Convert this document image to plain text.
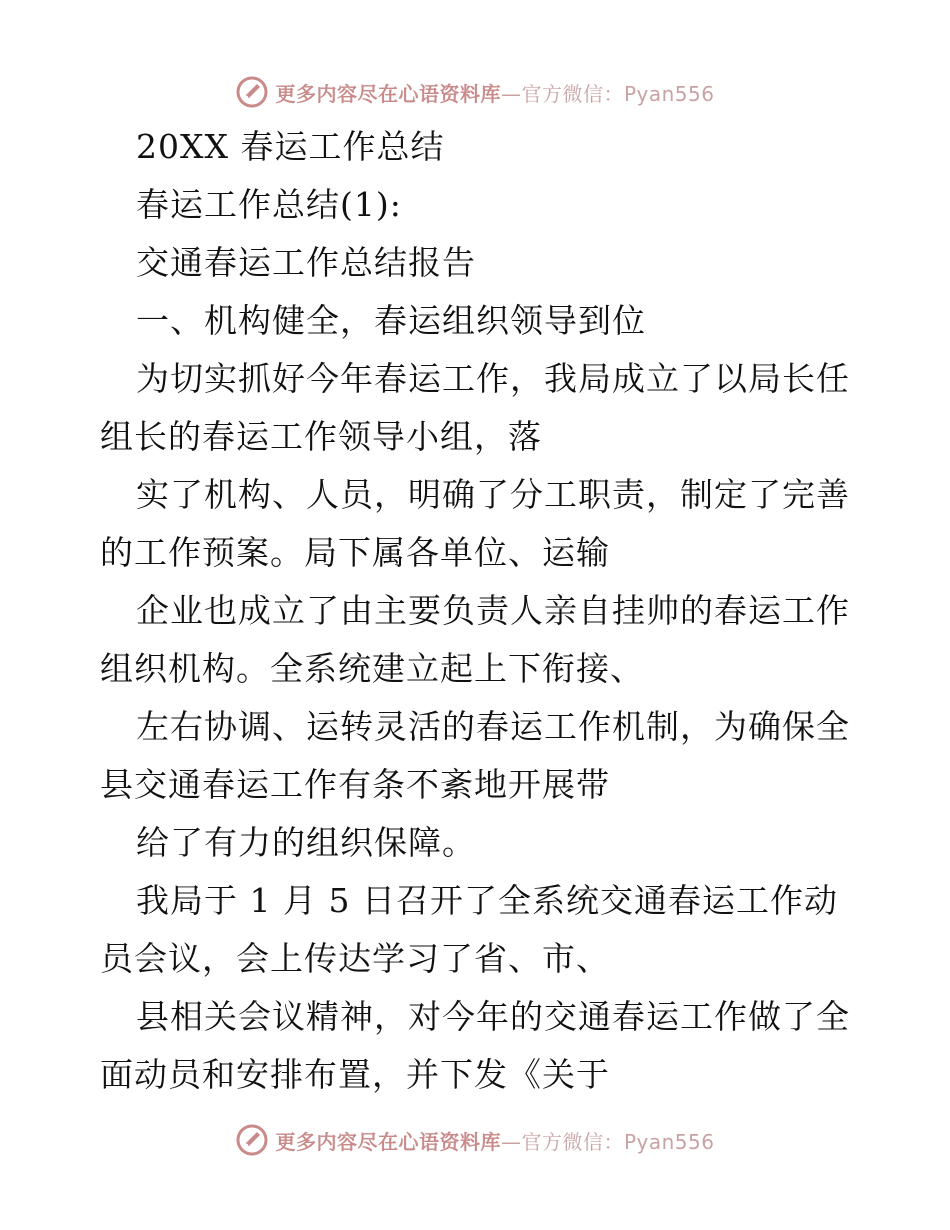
更多内容尽在心语资料库—官方微信：Pyan556
20XX 春运工作总结
春运工作总结(1):
交通春运工作总结报告
一、机构健全，春运组织领导到位
为切实抓好今年春运工作，我局成立了以局长任
组长的春运工作领导小组，落
实了机构、人员，明确了分工职责，制定了完善
的工作预案。局下属各单位、运输
企业也成立了由主要负责人亲自挂帅的春运工作
组织机构。全系统建立起上下衔接、
左右协调、运转灵活的春运工作机制，为确保全
县交通春运工作有条不紊地开展带
给了有力的组织保障。
我局于 1 月 5 日召开了全系统交通春运工作动
员会议，会上传达学习了省、市、
县相关会议精神，对今年的交通春运工作做了全
面动员和安排布置，并下发《关于
更多内容尽在心语资料库—官方微信：Pyan556
